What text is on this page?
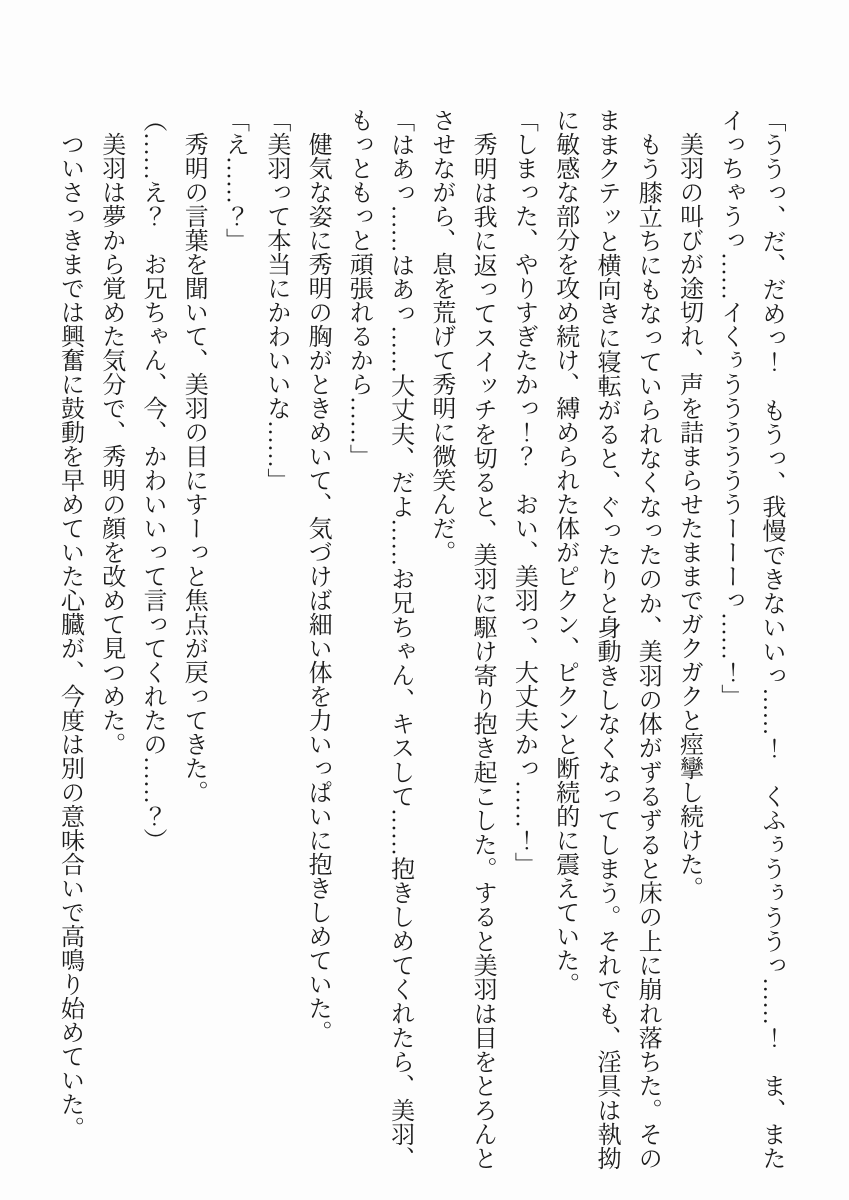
「ううっ、だ、だめっ！　もうっ、我慢できないいっ……！　くふぅうぅううっ……！　ま、またイっちゃうっ……イくぅううううううーーーっ……！」

美羽の叫びが途切れ、声を詰まらせたままでガクガクと痙攣し続けた。

もう膝立ちにもなっていられなくなったのか、美羽の体がずるずると床の上に崩れ落ちた。そのままクテッと横向きに寝転がると、ぐったりと身動きしなくなってしまう。それでも、淫具は執拗に敏感な部分を攻め続け、縛められた体がピクン、ピクンと断続的に震えていた。

「しまった、やりすぎたかっ！？　おい、美羽っ、大丈夫かっ……！」

秀明は我に返ってスイッチを切ると、美羽に駆け寄り抱き起こした。すると美羽は目をとろんとさせながら、息を荒げて秀明に微笑んだ。

「はあっ……はあっ……大丈夫、だよ……お兄ちゃん、キスして……抱きしめてくれたら、美羽、もっともっと頑張れるから……」

健気な姿に秀明の胸がときめいて、気づけば細い体を力いっぱいに抱きしめていた。

「美羽って本当にかわいいな……」

「え……？」

秀明の言葉を聞いて、美羽の目にすーっと焦点が戻ってきた。

（……え？　お兄ちゃん、今、かわいいって言ってくれたの……？）

美羽は夢から覚めた気分で、秀明の顔を改めて見つめた。

ついさっきまでは興奮に鼓動を早めていた心臓が、今度は別の意味合いで高鳴り始めていた。
